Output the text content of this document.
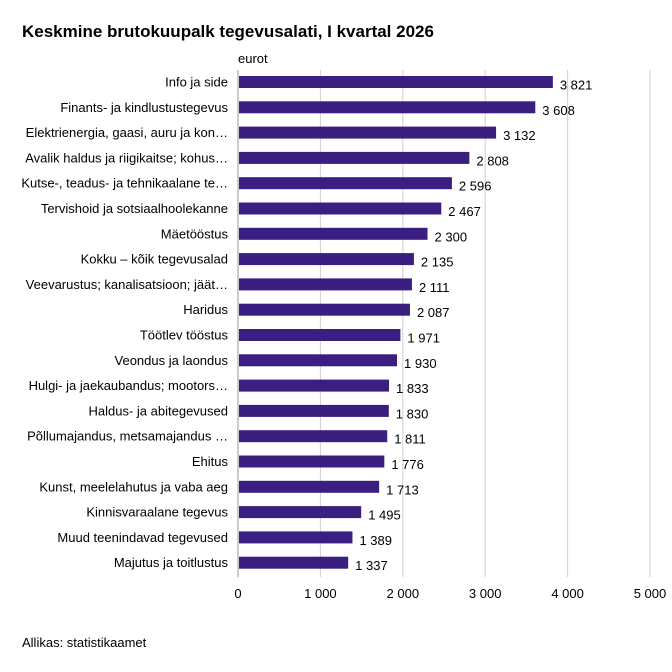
Keskmine brutokuupalk tegevusalati, I kvartal 2026
eurot
0	1 000	2 000	3 000	4 000	5 000
Info ja side	3 821
Finants- ja kindlustustegevus	3 608
Elektrienergia, gaasi, auru ja kon…	3 132
Avalik haldus ja riigikaitse; kohus…	2 808
Kutse-, teadus- ja tehnikaalane te…	2 596
Tervishoid ja sotsiaalhoolekanne	2 467
Mäetööstus	2 300
Kokku – kõik tegevusalad	2 135
Veevarustus; kanalisatsioon; jäät…	2 111
Haridus	2 087
Töötlev tööstus	1 971
Veondus ja laondus	1 930
Hulgi- ja jaekaubandus; mootors…	1 833
Haldus- ja abitegevused	1 830
Põllumajandus, metsamajandus …	1 811
Ehitus	1 776
Kunst, meelelahutus ja vaba aeg	1 713
Kinnisvaraalane tegevus	1 495
Muud teenindavad tegevused	1 389
Majutus ja toitlustus	1 337
Allikas: statistikaamet
